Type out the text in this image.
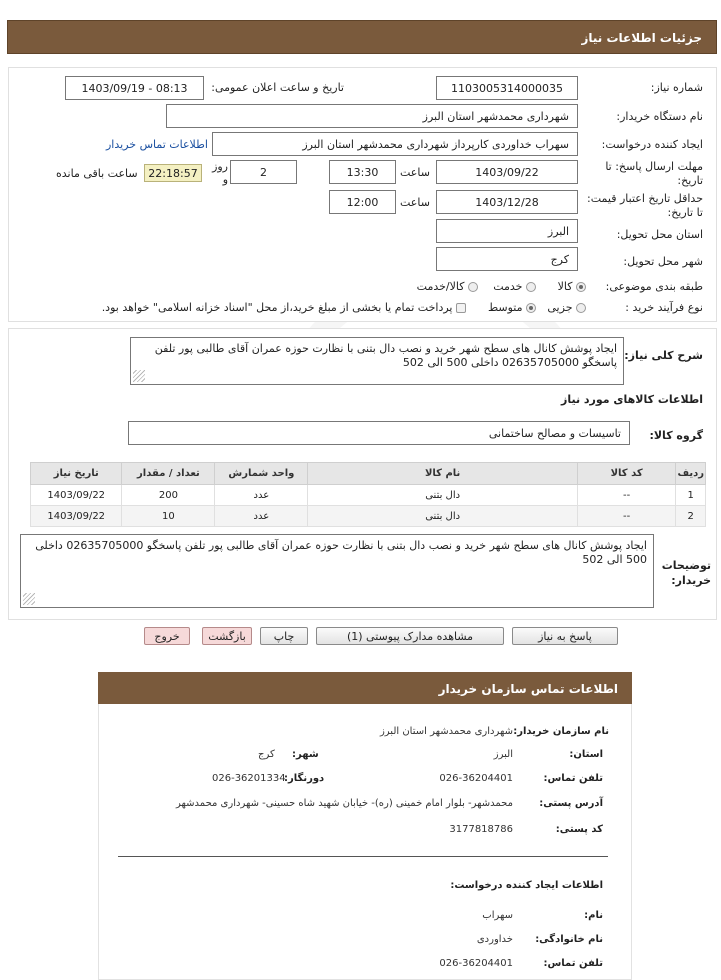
جزئیات اطلاعات نیاز
شماره نیاز:
1103005314000035
تاریخ و ساعت اعلان عمومی:
1403/09/19 - 08:13
نام دستگاه خریدار:
شهرداری محمدشهر استان البرز
ایجاد کننده درخواست:
سهراب خداوردی کارپرداز شهرداری محمدشهر استان البرز
اطلاعات تماس خریدار
مهلت ارسال پاسخ: تا تاریخ:
1403/09/22
ساعت
13:30
2
روز و
22:18:57
ساعت باقی مانده
حداقل تاریخ اعتبار قیمت: تا تاریخ:
1403/12/28
ساعت
12:00
استان محل تحویل:
البرز
شهر محل تحویل:
کرج
طبقه بندی موضوعی:
کالا
خدمت
کالا/خدمت
نوع فرآیند خرید :
جزیی
متوسط
پرداخت تمام یا بخشی از مبلغ خرید،از محل "اسناد خزانه اسلامی" خواهد بود.
شرح کلی نیاز:
ایجاد پوشش کانال های سطح شهر خرید و نصب دال بتنی با نظارت حوزه عمران آقای طالبی پور تلفن پاسخگو 02635705000 داخلی 500 الی 502
اطلاعات کالاهای مورد نیاز
گروه کالا:
تاسیسات و مصالح ساختمانی
ردیف	کد کالا	نام کالا	واحد شمارش	تعداد / مقدار	تاریخ نیاز
1	--	دال بتنی	عدد	200	1403/09/22
2	--	دال بتنی	عدد	10	1403/09/22
توضیحات خریدار:
ایجاد پوشش کانال های سطح شهر خرید و نصب دال بتنی با نظارت حوزه عمران آقای طالبی پور تلفن پاسخگو 02635705000 داخلی 500 الی 502
پاسخ به نیاز
مشاهده مدارک پیوستی (1)
چاپ
بازگشت
خروج
اطلاعات تماس سازمان خریدار
نام سازمان خریدار:
شهرداری محمدشهر استان البرز
استان:
البرز
شهر:
کرج
تلفن تماس:
026-36204401
دورنگار:
026-36201334
آدرس پستی:
محمدشهر- بلوار امام خمینی (ره)- خیابان شهید شاه حسینی- شهرداری محمدشهر
کد پستی:
3177818786
اطلاعات ایجاد کننده درخواست:
نام:
سهراب
نام خانوادگی:
خداوردی
تلفن تماس:
026-36204401
